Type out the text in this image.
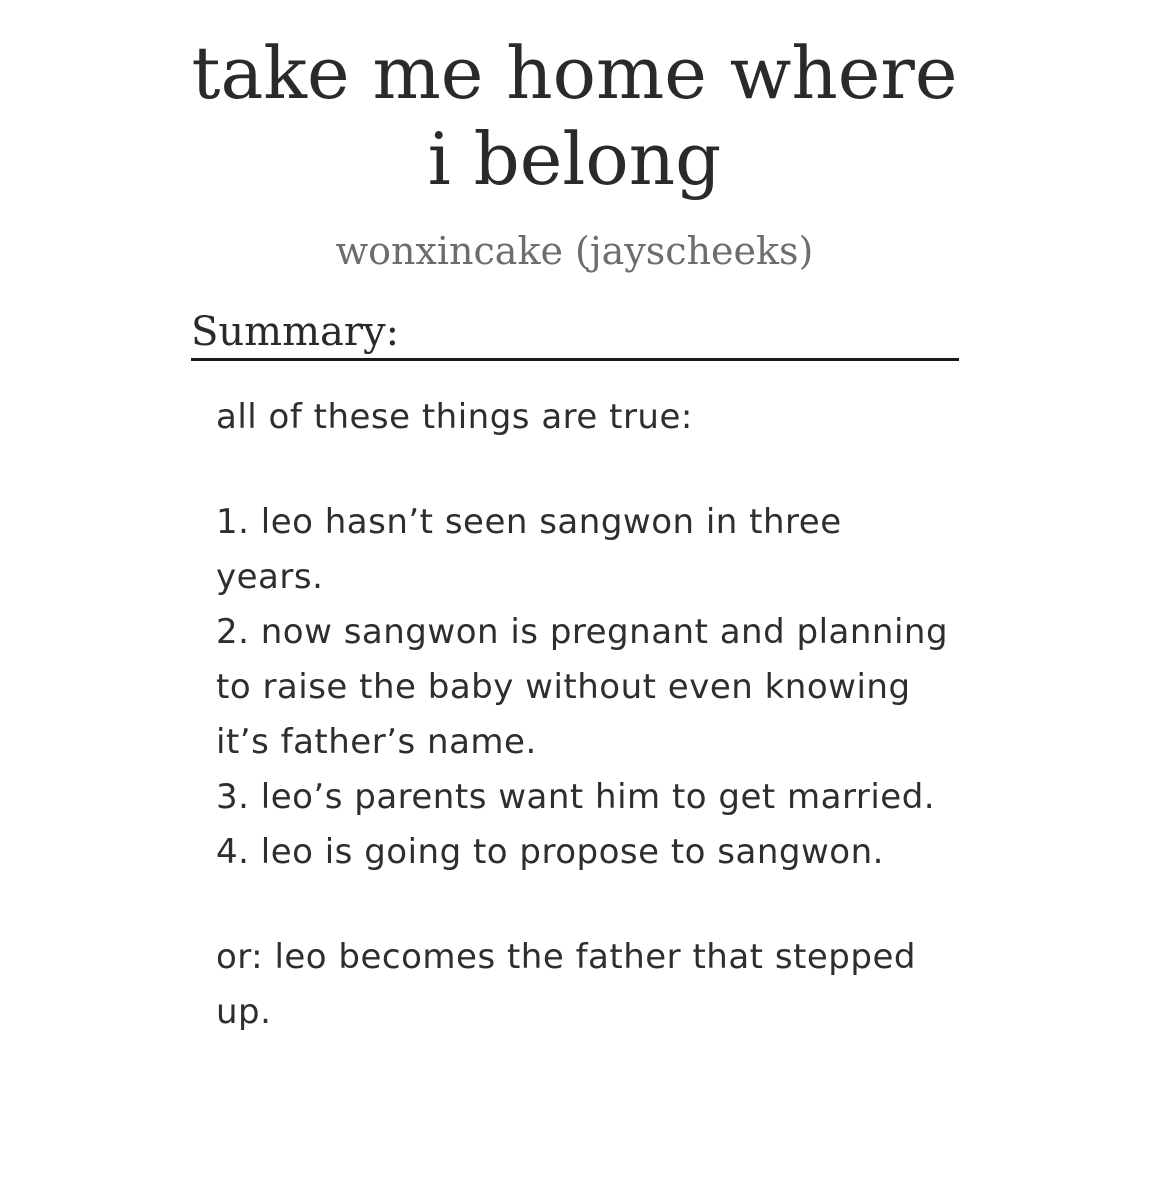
take me home where
i belong
wonxincake (jayscheeks)
Summary:

all of these things are true:

1. leo hasn’t seen sangwon in three years.

2. now sangwon is pregnant and planning to raise the baby without even knowing it’s father’s name.

3. leo’s parents want him to get married.

4. leo is going to propose to sangwon.

or: leo becomes the father that stepped up.
